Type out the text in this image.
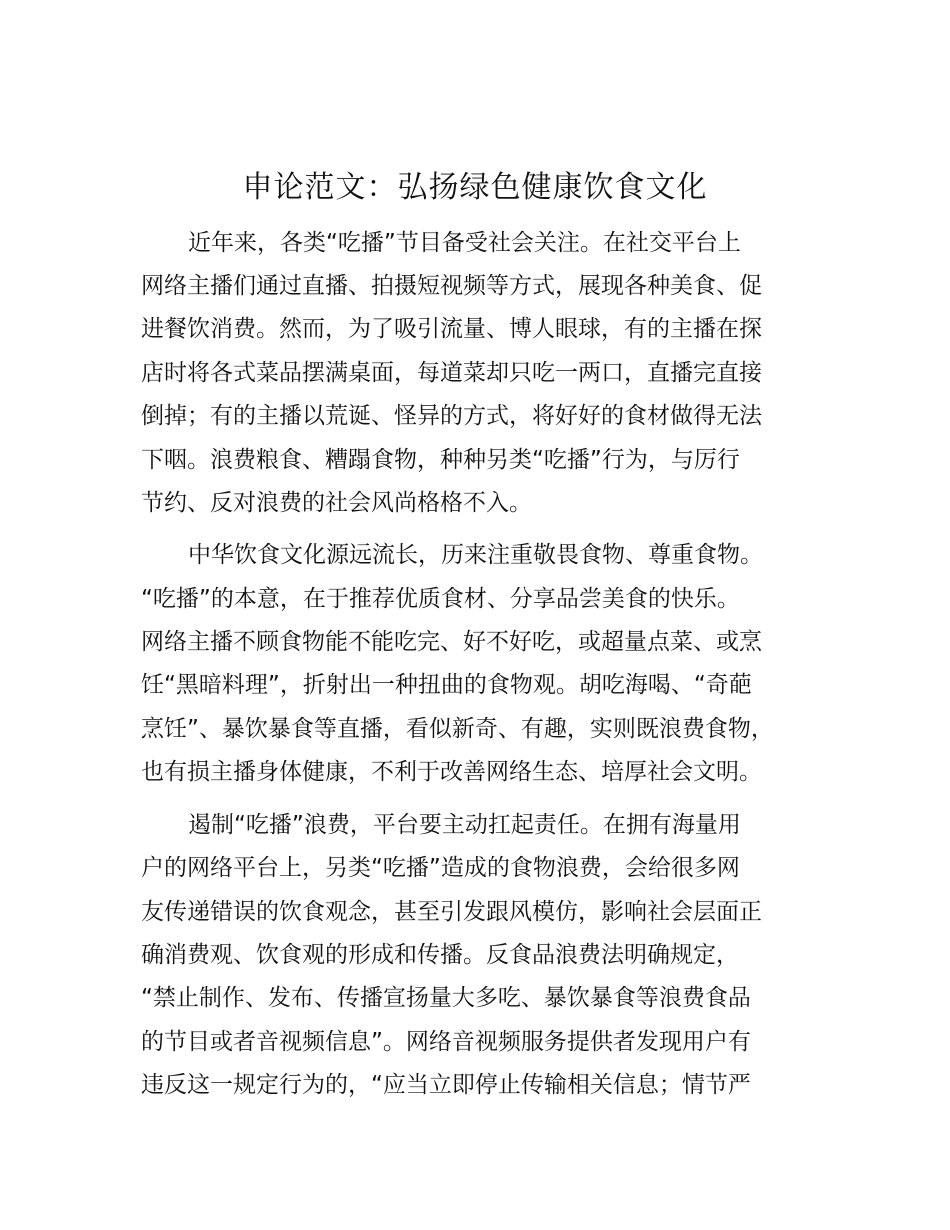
申论范文：弘扬绿色健康饮食文化

近年来，各类“吃播”节目备受社会关注。在社交平台上

网络主播们通过直播、拍摄短视频等方式，展现各种美食、促

进餐饮消费。然而，为了吸引流量、博人眼球，有的主播在探

店时将各式菜品摆满桌面，每道菜却只吃一两口，直播完直接

倒掉；有的主播以荒诞、怪异的方式，将好好的食材做得无法

下咽。浪费粮食、糟蹋食物，种种另类“吃播”行为，与厉行

节约、反对浪费的社会风尚格格不入。

中华饮食文化源远流长，历来注重敬畏食物、尊重食物。

“吃播”的本意，在于推荐优质食材、分享品尝美食的快乐。

网络主播不顾食物能不能吃完、好不好吃，或超量点菜、或烹

饪“黑暗料理”，折射出一种扭曲的食物观。胡吃海喝、“奇葩

烹饪”、暴饮暴食等直播，看似新奇、有趣，实则既浪费食物，

也有损主播身体健康，不利于改善网络生态、培厚社会文明。

遏制“吃播”浪费，平台要主动扛起责任。在拥有海量用

户的网络平台上，另类“吃播”造成的食物浪费，会给很多网

友传递错误的饮食观念，甚至引发跟风模仿，影响社会层面正

确消费观、饮食观的形成和传播。反食品浪费法明确规定，

“禁止制作、发布、传播宣扬量大多吃、暴饮暴食等浪费食品

的节目或者音视频信息”。网络音视频服务提供者发现用户有

违反这一规定行为的，“应当立即停止传输相关信息；情节严
